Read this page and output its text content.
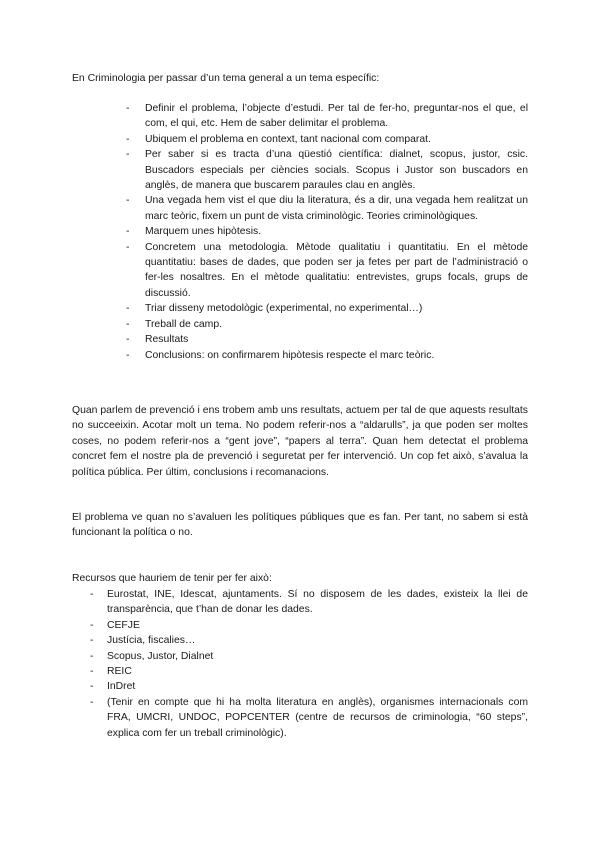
En Criminologia per passar d’un tema general a un tema específic:

- Definir el problema, l’objecte d’estudi. Per tal de fer-ho, preguntar-nos el que, el com, el qui, etc. Hem de saber delimitar el problema.
- Ubiquem el problema en context, tant nacional com comparat.
- Per saber si es tracta d’una qüestió científica: dialnet, scopus, justor, csic. Buscadors especials per ciències socials. Scopus i Justor son buscadors en anglès, de manera que buscarem paraules clau en anglès.
- Una vegada hem vist el que diu la literatura, és a dir, una vegada hem realitzat un marc teòric, fixem un punt de vista criminològic. Teories criminològiques.
- Marquem unes hipòtesis.
- Concretem una metodologia. Mètode qualitatiu i quantitatiu. En el mètode quantitatiu: bases de dades, que poden ser ja fetes per part de l’administració o fer-les nosaltres. En el mètode qualitatiu: entrevistes, grups focals, grups de discussió.
- Triar disseny metodològic (experimental, no experimental…)
- Treball de camp.
- Resultats
- Conclusions: on confirmarem hipòtesis respecte el marc teòric.

Quan parlem de prevenció i ens trobem amb uns resultats, actuem per tal de que aquests resultats no succeeixin. Acotar molt un tema. No podem referir-nos a “aldarulls”, ja que poden ser moltes coses, no podem referir-nos a “gent jove”, “papers al terra”. Quan hem detectat el problema concret fem el nostre pla de prevenció i seguretat per fer intervenció. Un cop fet això, s’avalua la política pública. Per últim, conclusions i recomanacions.

El problema ve quan no s’avaluen les polítiques públiques que es fan. Per tant, no sabem si està funcionant la política o no.

Recursos que hauriem de tenir per fer això:

- Eurostat, INE, Idescat, ajuntaments. Sí no disposem de les dades, existeix la llei de transparència, que t’han de donar les dades.
- CEFJE
- Justícia, fiscalies…
- Scopus, Justor, Dialnet
- REIC
- InDret
- (Tenir en compte que hi ha molta literatura en anglès), organismes internacionals com FRA, UMCRI, UNDOC, POPCENTER (centre de recursos de criminologia, “60 steps”, explica com fer un treball criminològic).
